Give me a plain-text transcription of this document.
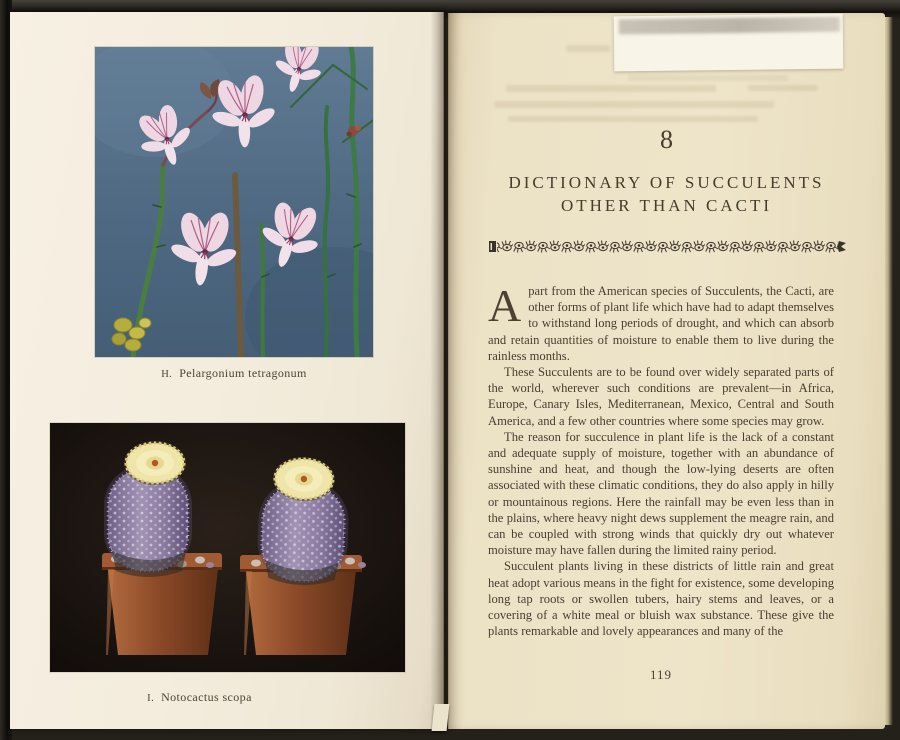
H. Pelargonium tetragonum
I. Notocactus scopa
8
DICTIONARY OF SUCCULENTS
OTHER THAN CACTI

Apart from the American species of Succulents, the Cacti, are other forms of plant life which have had to adapt themselves to withstand long periods of drought, and which can absorb and retain quantities of moisture to enable them to live during the rainless months.

These Succulents are to be found over widely separated parts of the world, wherever such conditions are prevalent—in Africa, Europe, Canary Isles, Mediterranean, Mexico, Central and South America, and a few other countries where some species may grow.

The reason for succulence in plant life is the lack of a constant and adequate supply of moisture, together with an abundance of sunshine and heat, and though the low-lying deserts are often associated with these climatic conditions, they do also apply in hilly or mountainous regions. Here the rainfall may be even less than in the plains, where heavy night dews supplement the meagre rain, and can be coupled with strong winds that quickly dry out whatever moisture may have fallen during the limited rainy period.

Succulent plants living in these districts of little rain and great heat adopt various means in the fight for existence, some developing long tap roots or swollen tubers, hairy stems and leaves, or a covering of a white meal or bluish wax substance. These give the plants remarkable and lovely appearances and many of the

119
